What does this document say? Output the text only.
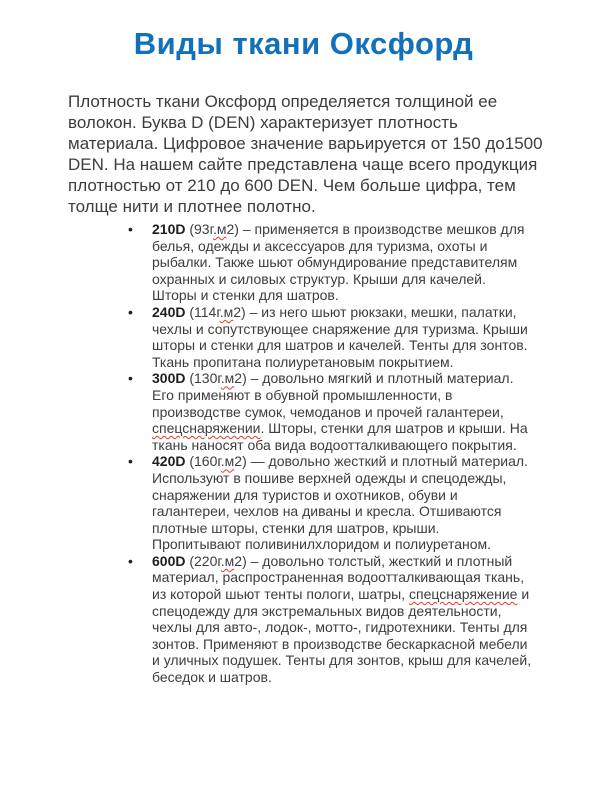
Виды ткани Оксфорд

Плотность ткани Оксфорд определяется толщиной ее волокон. Буква D (DEN) характеризует плотность материала. Цифровое значение варьируется от 150 до1500 DEN. На нашем сайте представлена чаще всего продукция плотностью от 210 до 600 DEN. Чем больше цифра, тем толще нити и плотнее полотно.

• 210D (93г.м2) – применяется в производстве мешков для белья, одежды и аксессуаров для туризма, охоты и рыбалки. Также шьют обмундирование представителям охранных и силовых структур. Крыши для качелей. Шторы и стенки для шатров.
• 240D (114г.м2) – из него шьют рюкзаки, мешки, палатки, чехлы и сопутствующее снаряжение для туризма. Крыши шторы и стенки для шатров и качелей. Тенты для зонтов. Ткань пропитана полиуретановым покрытием.
• 300D (130г.м2) – довольно мягкий и плотный материал. Его применяют в обувной промышленности, в производстве сумок, чемоданов и прочей галантереи, спецснаряжении. Шторы, стенки для шатров и крыши. На ткань наносят оба вида водоотталкивающего покрытия.
• 420D (160г.м2) — довольно жесткий и плотный материал. Используют в пошиве верхней одежды и спецодежды, снаряжении для туристов и охотников, обуви и галантереи, чехлов на диваны и кресла. Отшиваются плотные шторы, стенки для шатров, крыши. Пропитывают поливинилхлоридом и полиуретаном.
• 600D (220г.м2) – довольно толстый, жесткий и плотный материал, распространенная водоотталкивающая ткань, из которой шьют тенты пологи, шатры, спецснаряжение и спецодежду для экстремальных видов деятельности, чехлы для авто-, лодок-, мотто-, гидротехники. Тенты для зонтов. Применяют в производстве бескаркасной мебели и уличных подушек. Тенты для зонтов, крыш для качелей, беседок и шатров.
